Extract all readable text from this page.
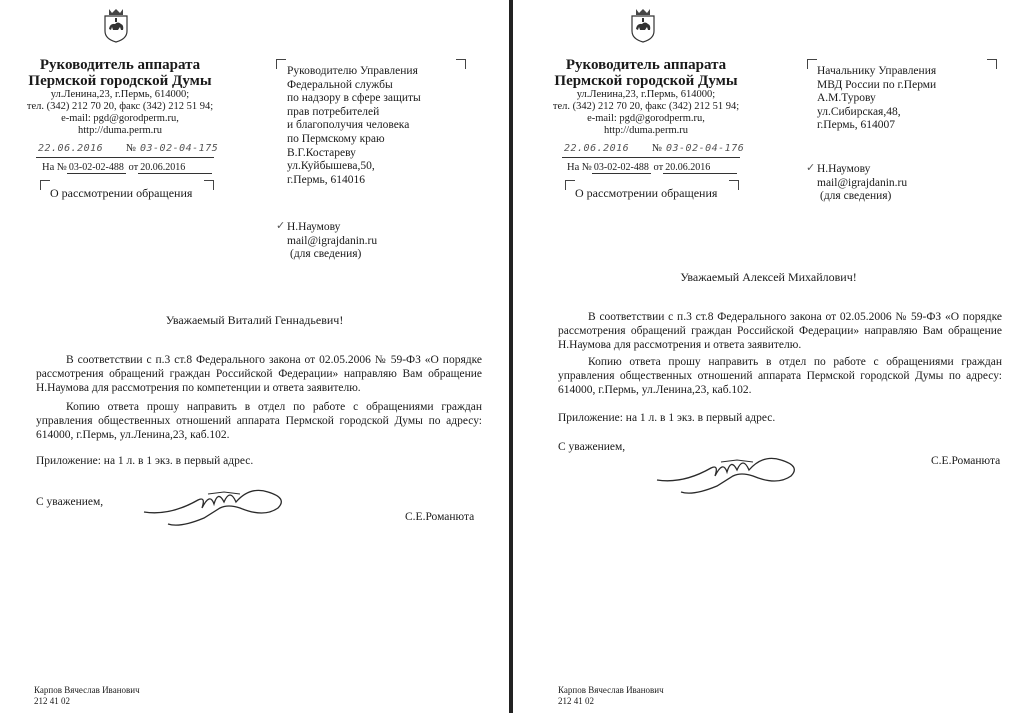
Руководитель аппарата
Пермской городской Думы
ул.Ленина,23, г.Пермь, 614000;
тел. (342) 212 70 20, факс (342) 212 51 94;
e-mail: pgd@gorodperm.ru,
http://duma.perm.ru
22.06.2016 № 03-02-04-175
На № 03-02-02-488 от 20.06.2016
О рассмотрении обращения
Руководителю Управления
Федеральной службы
по надзору в сфере защиты
прав потребителей
и благополучия человека
по Пермскому краю
В.Г.Костареву
ул.Куйбышева,50,
г.Пермь, 614016
✓ Н.Наумову
mail@igrajdanin.ru
(для сведения)
Уважаемый Виталий Геннадьевич!
В соответствии с п.3 ст.8 Федерального закона от 02.05.2006 № 59-ФЗ «О порядке рассмотрения обращений граждан Российской Федерации» направляю Вам обращение Н.Наумова для рассмотрения по компетенции и ответа заявителю.
Копию ответа прошу направить в отдел по работе с обращениями граждан управления общественных отношений аппарата Пермской городской Думы по адресу: 614000, г.Пермь, ул.Ленина,23, каб.102.
Приложение: на 1 л. в 1 экз. в первый адрес.
С уважением,
С.Е.Романюта
Карпов Вячеслав Иванович
212 41 02
Руководитель аппарата
Пермской городской Думы
ул.Ленина,23, г.Пермь, 614000;
тел. (342) 212 70 20, факс (342) 212 51 94;
e-mail: pgd@gorodperm.ru,
http://duma.perm.ru
22.06.2016 № 03-02-04-176
На № 03-02-02-488 от 20.06.2016
О рассмотрении обращения
Начальнику Управления
МВД России по г.Перми
А.М.Турову
ул.Сибирская,48,
г.Пермь, 614007
✓ Н.Наумову
mail@igrajdanin.ru
(для сведения)
Уважаемый Алексей Михайлович!
В соответствии с п.3 ст.8 Федерального закона от 02.05.2006 № 59-ФЗ «О порядке рассмотрения обращений граждан Российской Федерации» направляю Вам обращение Н.Наумова для рассмотрения и ответа заявителю.
Копию ответа прошу направить в отдел по работе с обращениями граждан управления общественных отношений аппарата Пермской городской Думы по адресу: 614000, г.Пермь, ул.Ленина,23, каб.102.
Приложение: на 1 л. в 1 экз. в первый адрес.
С уважением,
С.Е.Романюта
Карпов Вячеслав Иванович
212 41 02
